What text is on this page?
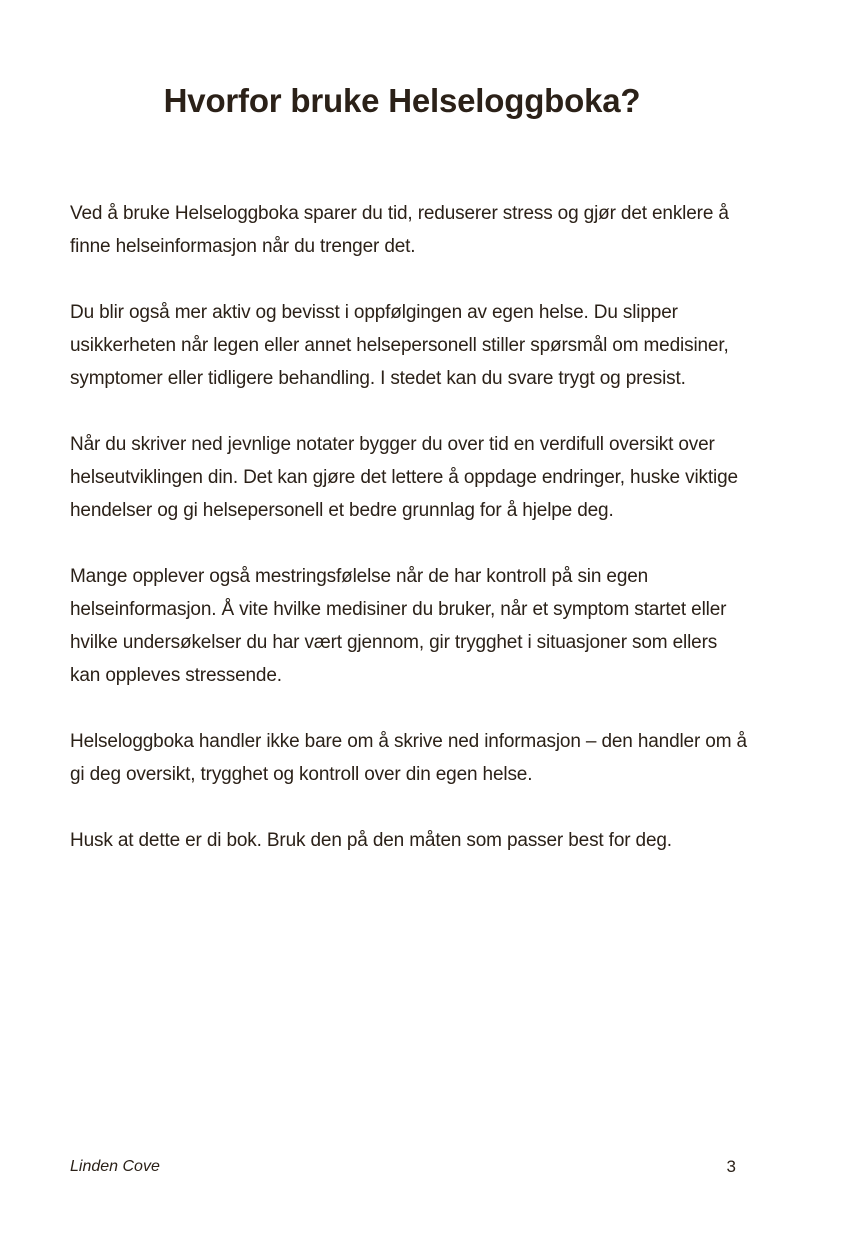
Hvorfor bruke Helseloggboka?

Ved å bruke Helseloggboka sparer du tid, reduserer stress og gjør det enklere å finne helseinformasjon når du trenger det.

Du blir også mer aktiv og bevisst i oppfølgingen av egen helse. Du slipper usikkerheten når legen eller annet helsepersonell stiller spørsmål om medisiner, symptomer eller tidligere behandling. I stedet kan du svare trygt og presist.

Når du skriver ned jevnlige notater bygger du over tid en verdifull oversikt over helseutviklingen din. Det kan gjøre det lettere å oppdage endringer, huske viktige hendelser og gi helsepersonell et bedre grunnlag for å hjelpe deg.

Mange opplever også mestringsfølelse når de har kontroll på sin egen helseinformasjon. Å vite hvilke medisiner du bruker, når et symptom startet eller hvilke undersøkelser du har vært gjennom, gir trygghet i situasjoner som ellers kan oppleves stressende.

Helseloggboka handler ikke bare om å skrive ned informasjon – den handler om å gi deg oversikt, trygghet og kontroll over din egen helse.

Husk at dette er di bok. Bruk den på den måten som passer best for deg.

Linden Cove	3
